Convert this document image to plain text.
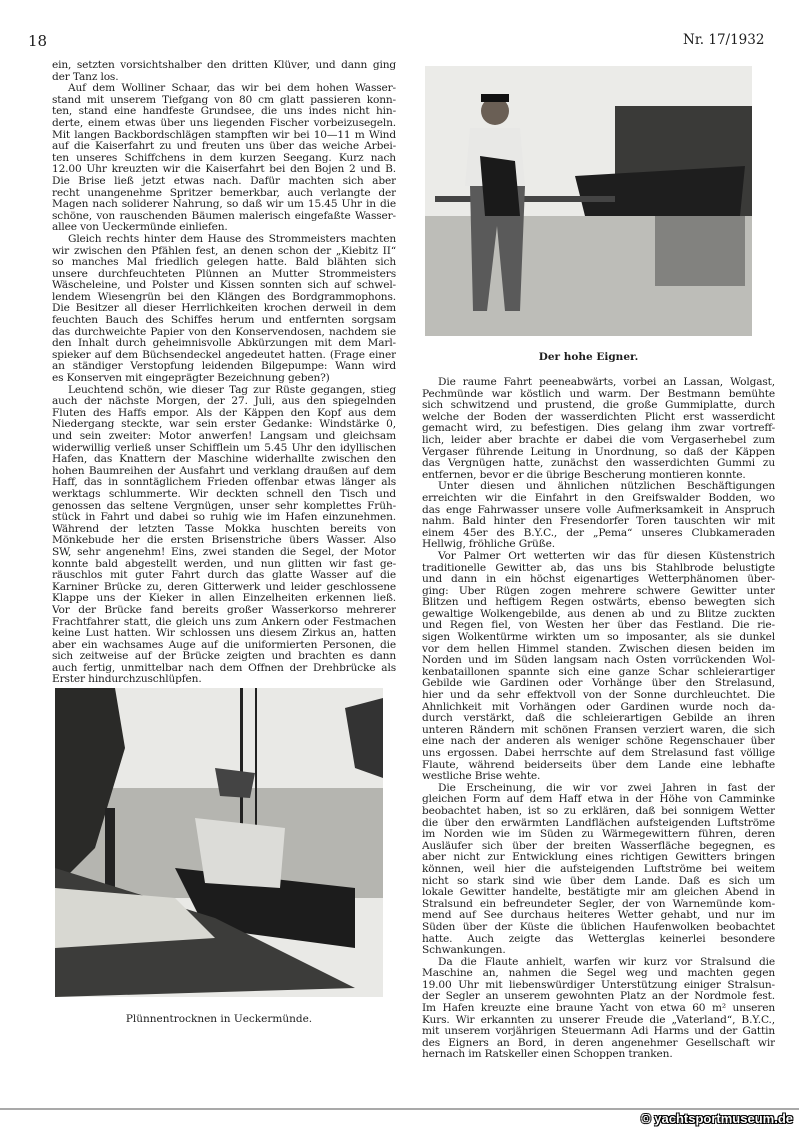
18	Nr. 17/1932
ein, setzten vorsichtshalber den dritten Klüver, und dann ging
der Tanz los.
Auf dem Wolliner Schaar, das wir bei dem hohen Wasser-
stand mit unserem Tiefgang von 80 cm glatt passieren konn-
ten, stand eine handfeste Grundsee, die uns indes nicht hin-
derte, einem etwas über uns liegenden Fischer vorbeizusegeln.
Mit langen Backbordschlägen stampften wir bei 10—11 m Wind
auf die Kaiserfahrt zu und freuten uns über das weiche Arbei-
ten unseres Schiffchens in dem kurzen Seegang. Kurz nach
12.00 Uhr kreuzten wir die Kaiserfahrt bei den Bojen 2 und B.
Die Brise ließ jetzt etwas nach. Dafür machten sich aber
recht unangenehme Spritzer bemerkbar, auch verlangte der
Magen nach soliderer Nahrung, so daß wir um 15.45 Uhr in die
schöne, von rauschenden Bäumen malerisch eingefaßte Wasser-
allee von Ueckermünde einliefen.
Gleich rechts hinter dem Hause des Strommeisters machten
wir zwischen den Pfählen fest, an denen schon der „Kiebitz II“
so manches Mal friedlich gelegen hatte. Bald blähten sich
unsere durchfeuchteten Plünnen an Mutter Strommeisters
Wäscheleine, und Polster und Kissen sonnten sich auf schwel-
lendem Wiesengrün bei den Klängen des Bordgrammophons.
Die Besitzer all dieser Herrlichkeiten krochen derweil in dem
feuchten Bauch des Schiffes herum und entfernten sorgsam
das durchweichte Papier von den Konservendosen, nachdem sie
den Inhalt durch geheimnisvolle Abkürzungen mit dem Marl-
spieker auf dem Büchsendeckel angedeutet hatten. (Frage einer
an ständiger Verstopfung leidenden Bilgepumpe: Wann wird
es Konserven mit eingeprägter Bezeichnung geben?)
Leuchtend schön, wie dieser Tag zur Rüste gegangen, stieg
auch der nächste Morgen, der 27. Juli, aus den spiegelnden
Fluten des Haffs empor. Als der Käppen den Kopf aus dem
Niedergang steckte, war sein erster Gedanke: Windstärke 0,
und sein zweiter: Motor anwerfen! Langsam und gleichsam
widerwillig verließ unser Schifflein um 5.45 Uhr den idyllischen
Hafen, das Knattern der Maschine widerhallte zwischen den
hohen Baumreihen der Ausfahrt und verklang draußen auf dem
Haff, das in sonntäglichem Frieden offenbar etwas länger als
werktags schlummerte. Wir deckten schnell den Tisch und
genossen das seltene Vergnügen, unser sehr komplettes Früh-
stück in Fahrt und dabei so ruhig wie im Hafen einzunehmen.
Während der letzten Tasse Mokka huschten bereits von
Mönkebude her die ersten Brisenstriche übers Wasser. Also
SW, sehr angenehm! Eins, zwei standen die Segel, der Motor
konnte bald abgestellt werden, und nun glitten wir fast ge-
räuschlos mit guter Fahrt durch das glatte Wasser auf die
Karniner Brücke zu, deren Gitterwerk und leider geschlossene
Klappe uns der Kieker in allen Einzelheiten erkennen ließ.
Vor der Brücke fand bereits großer Wasserkorso mehrerer
Frachtfahrer statt, die gleich uns zum Ankern oder Festmachen
keine Lust hatten. Wir schlossen uns diesem Zirkus an, hatten
aber ein wachsames Auge auf die uniformierten Personen, die
sich zeitweise auf der Brücke zeigten und brachten es dann
auch fertig, unmittelbar nach dem Öffnen der Drehbrücke als
Erster hindurchzuschlüpfen.
Der hohe Eigner.
Plünnentrocknen in Ueckermünde.
Die raume Fahrt peeneabwärts, vorbei an Lassan, Wolgast,
Pechmünde war köstlich und warm. Der Bestmann bemühte
sich schwitzend und prustend, die große Gummiplatte, durch
welche der Boden der wasserdichten Plicht erst wasserdicht
gemacht wird, zu befestigen. Dies gelang ihm zwar vortreff-
lich, leider aber brachte er dabei die vom Vergaserhebel zum
Vergaser führende Leitung in Unordnung, so daß der Käppen
das Vergnügen hatte, zunächst den wasserdichten Gummi zu
entfernen, bevor er die übrige Bescherung montieren konnte.
Unter diesen und ähnlichen nützlichen Beschäftigungen
erreichten wir die Einfahrt in den Greifswalder Bodden, wo
das enge Fahrwasser unsere volle Aufmerksamkeit in Anspruch
nahm. Bald hinter den Fresendorfer Toren tauschten wir mit
einem 45er des B.Y.C., der „Pema“ unseres Clubkameraden
Hellwig, fröhliche Grüße.
Vor Palmer Ort wetterten wir das für diesen Küstenstrich
traditionelle Gewitter ab, das uns bis Stahlbrode belustigte
und dann in ein höchst eigenartiges Wetterphänomen über-
ging: Über Rügen zogen mehrere schwere Gewitter unter
Blitzen und heftigem Regen ostwärts, ebenso bewegten sich
gewaltige Wolkengebilde, aus denen ab und zu Blitze zuckten
und Regen fiel, von Westen her über das Festland. Die rie-
sigen Wolkentürme wirkten um so imposanter, als sie dunkel
vor dem hellen Himmel standen. Zwischen diesen beiden im
Norden und im Süden langsam nach Osten vorrückenden Wol-
kenbataillonen spannte sich eine ganze Schar schleierartiger
Gebilde wie Gardinen oder Vorhänge über den Strelasund,
hier und da sehr effektvoll von der Sonne durchleuchtet. Die
Ähnlichkeit mit Vorhängen oder Gardinen wurde noch da-
durch verstärkt, daß die schleierartigen Gebilde an ihren
unteren Rändern mit schönen Fransen verziert waren, die sich
eine nach der anderen als weniger schöne Regenschauer über
uns ergossen. Dabei herrschte auf dem Strelasund fast völlige
Flaute, während beiderseits über dem Lande eine lebhafte
westliche Brise wehte.
Die Erscheinung, die wir vor zwei Jahren in fast der
gleichen Form auf dem Haff etwa in der Höhe von Camminke
beobachtet haben, ist so zu erklären, daß bei sonnigem Wetter
die über den erwärmten Landflächen aufsteigenden Luftströme
im Norden wie im Süden zu Wärmegewittern führen, deren
Ausläufer sich über der breiten Wasserfläche begegnen, es
aber nicht zur Entwicklung eines richtigen Gewitters bringen
können, weil hier die aufsteigenden Luftströme bei weitem
nicht so stark sind wie über dem Lande. Daß es sich um
lokale Gewitter handelte, bestätigte mir am gleichen Abend in
Stralsund ein befreundeter Segler, der von Warnemünde kom-
mend auf See durchaus heiteres Wetter gehabt, und nur im
Süden über der Küste die üblichen Haufenwolken beobachtet
hatte. Auch zeigte das Wetterglas keinerlei besondere
Schwankungen.
Da die Flaute anhielt, warfen wir kurz vor Stralsund die
Maschine an, nahmen die Segel weg und machten gegen
19.00 Uhr mit liebenswürdiger Unterstützung einiger Stralsun-
der Segler an unserem gewohnten Platz an der Nordmole fest.
Im Hafen kreuzte eine braune Yacht von etwa 60 m² unseren
Kurs. Wir erkannten zu unserer Freude die „Vaterland“, B.Y.C.,
mit unserem vorjährigen Steuermann Adi Harms und der Gattin
des Eigners an Bord, in deren angenehmer Gesellschaft wir
hernach im Ratskeller einen Schoppen tranken.
© yachtsportmuseum.de
